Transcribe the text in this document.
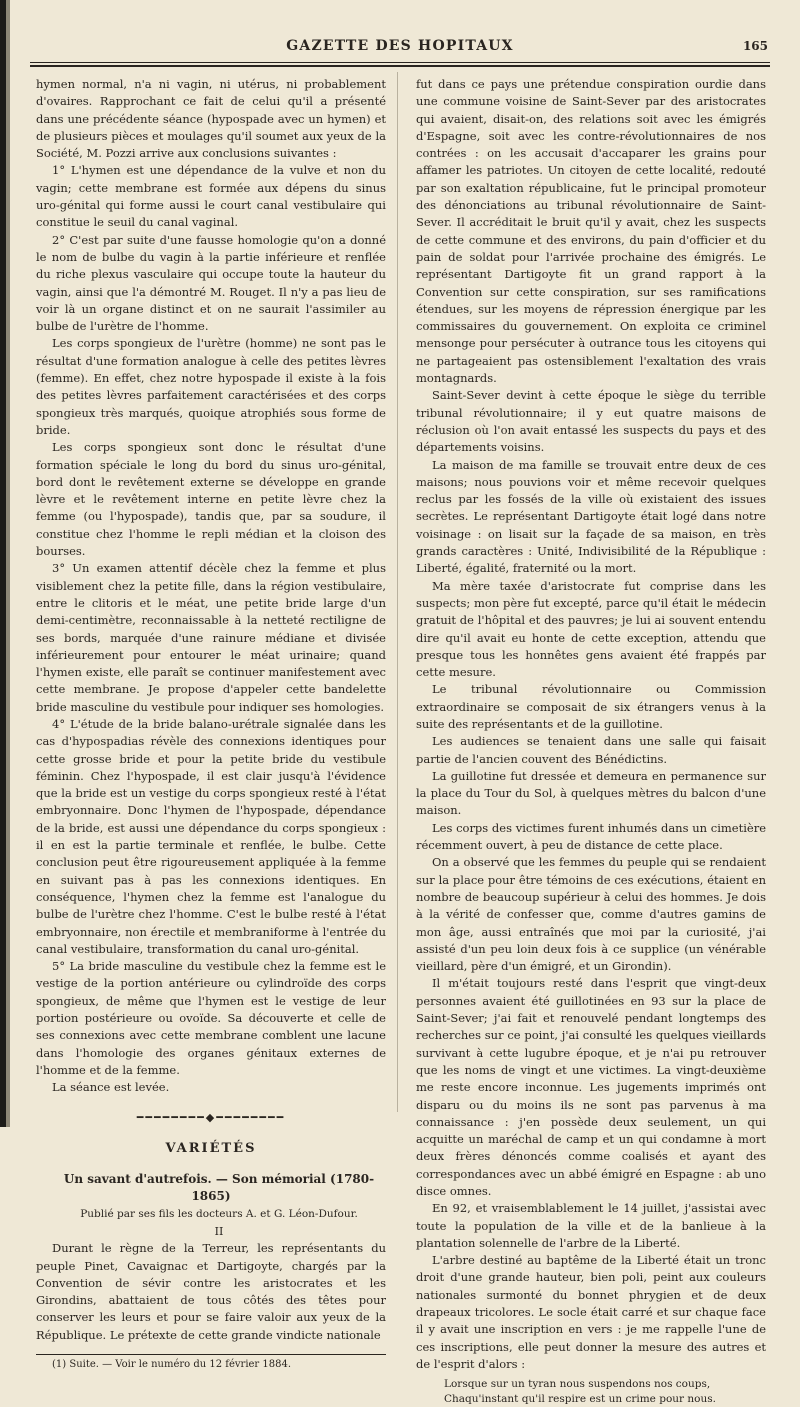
GAZETTE DES HOPITAUX	165

hymen normal, n'a ni vagin, ni utérus, ni probablement d'ovaires. Rapprochant ce fait de celui qu'il a présenté dans une précédente séance (hypospade avec un hymen) et de plusieurs pièces et moulages qu'il soumet aux yeux de la Société, M. Pozzi arrive aux conclusions suivantes :

1° L'hymen est une dépendance de la vulve et non du vagin; cette membrane est formée aux dépens du sinus uro-génital qui forme aussi le court canal vestibulaire qui constitue le seuil du canal vaginal.

2° C'est par suite d'une fausse homologie qu'on a donné le nom de bulbe du vagin à la partie inférieure et renflée du riche plexus vasculaire qui occupe toute la hauteur du vagin, ainsi que l'a démontré M. Rouget. Il n'y a pas lieu de voir là un organe distinct et on ne saurait l'assimiler au bulbe de l'urètre de l'homme.

Les corps spongieux de l'urètre (homme) ne sont pas le résultat d'une formation analogue à celle des petites lèvres (femme). En effet, chez notre hypospade il existe à la fois des petites lèvres parfaitement caractérisées et des corps spongieux très marqués, quoique atrophiés sous forme de bride.

Les corps spongieux sont donc le résultat d'une formation spéciale le long du bord du sinus uro-génital, bord dont le revêtement externe se développe en grande lèvre et le revêtement interne en petite lèvre chez la femme (ou l'hypospade), tandis que, par sa soudure, il constitue chez l'homme le repli médian et la cloison des bourses.

3° Un examen attentif décèle chez la femme et plus visiblement chez la petite fille, dans la région vestibulaire, entre le clitoris et le méat, une petite bride large d'un demi-centimètre, reconnaissable à la netteté rectiligne de ses bords, marquée d'une rainure médiane et divisée inférieurement pour entourer le méat urinaire; quand l'hymen existe, elle paraît se continuer manifestement avec cette membrane. Je propose d'appeler cette bandelette bride masculine du vestibule pour indiquer ses homologies.

4° L'étude de la bride balano-urétrale signalée dans les cas d'hypospadias révèle des connexions identiques pour cette grosse bride et pour la petite bride du vestibule féminin. Chez l'hypospade, il est clair jusqu'à l'évidence que la bride est un vestige du corps spongieux resté à l'état embryonnaire. Donc l'hymen de l'hypospade, dépendance de la bride, est aussi une dépendance du corps spongieux : il en est la partie terminale et renflée, le bulbe. Cette conclusion peut être rigoureusement appliquée à la femme en suivant pas à pas les connexions identiques. En conséquence, l'hymen chez la femme est l'analogue du bulbe de l'urètre chez l'homme. C'est le bulbe resté à l'état embryonnaire, non érectile et membraniforme à l'entrée du canal vestibulaire, transformation du canal uro-génital.

5° La bride masculine du vestibule chez la femme est le vestige de la portion antérieure ou cylindroïde des corps spongieux, de même que l'hymen est le vestige de leur portion postérieure ou ovoïde. Sa découverte et celle de ses connexions avec cette membrane comblent une lacune dans l'homologie des organes génitaux externes de l'homme et de la femme.

La séance est levée.

━━━━━━━━◆━━━━━━━━
VARIÉTÉS

Un savant d'autrefois. — Son mémorial (1780-1865)

Publié par ses fils les docteurs A. et G. Léon-Dufour.

II

Durant le règne de la Terreur, les représentants du peuple Pinet, Cavaignac et Dartigoyte, chargés par la Convention de sévir contre les aristocrates et les Girondins, abattaient de tous côtés des têtes pour conserver les leurs et pour se faire valoir aux yeux de la République. Le prétexte de cette grande vindicte nationale

(1) Suite. — Voir le numéro du 12 février 1884.

fut dans ce pays une prétendue conspiration ourdie dans une commune voisine de Saint-Sever par des aristocrates qui avaient, disait-on, des relations soit avec les émigrés d'Espagne, soit avec les contre-révolutionnaires de nos contrées : on les accusait d'accaparer les grains pour affamer les patriotes. Un citoyen de cette localité, redouté par son exaltation républicaine, fut le principal promoteur des dénonciations au tribunal révolutionnaire de Saint-Sever. Il accréditait le bruit qu'il y avait, chez les suspects de cette commune et des environs, du pain d'officier et du pain de soldat pour l'arrivée prochaine des émigrés. Le représentant Dartigoyte fit un grand rapport à la Convention sur cette conspiration, sur ses ramifications étendues, sur les moyens de répression énergique par les commissaires du gouvernement. On exploita ce criminel mensonge pour persécuter à outrance tous les citoyens qui ne partageaient pas ostensiblement l'exaltation des vrais montagnards.

Saint-Sever devint à cette époque le siège du terrible tribunal révolutionnaire; il y eut quatre maisons de réclusion où l'on avait entassé les suspects du pays et des départements voisins.

La maison de ma famille se trouvait entre deux de ces maisons; nous pouvions voir et même recevoir quelques reclus par les fossés de la ville où existaient des issues secrètes. Le représentant Dartigoyte était logé dans notre voisinage : on lisait sur la façade de sa maison, en très grands caractères : Unité, Indivisibilité de la République : Liberté, égalité, fraternité ou la mort.

Ma mère taxée d'aristocrate fut comprise dans les suspects; mon père fut excepté, parce qu'il était le médecin gratuit de l'hôpital et des pauvres; je lui ai souvent entendu dire qu'il avait eu honte de cette exception, attendu que presque tous les honnêtes gens avaient été frappés par cette mesure.

Le tribunal révolutionnaire ou Commission extraordinaire se composait de six étrangers venus à la suite des représentants et de la guillotine.

Les audiences se tenaient dans une salle qui faisait partie de l'ancien couvent des Bénédictins.

La guillotine fut dressée et demeura en permanence sur la place du Tour du Sol, à quelques mètres du balcon d'une maison.

Les corps des victimes furent inhumés dans un cimetière récemment ouvert, à peu de distance de cette place.

On a observé que les femmes du peuple qui se rendaient sur la place pour être témoins de ces exécutions, étaient en nombre de beaucoup supérieur à celui des hommes. Je dois à la vérité de confesser que, comme d'autres gamins de mon âge, aussi entraînés que moi par la curiosité, j'ai assisté d'un peu loin deux fois à ce supplice (un vénérable vieillard, père d'un émigré, et un Girondin).

Il m'était toujours resté dans l'esprit que vingt-deux personnes avaient été guillotinées en 93 sur la place de Saint-Sever; j'ai fait et renouvelé pendant longtemps des recherches sur ce point, j'ai consulté les quelques vieillards survivant à cette lugubre époque, et je n'ai pu retrouver que les noms de vingt et une victimes. La vingt-deuxième me reste encore inconnue. Les jugements imprimés ont disparu ou du moins ils ne sont pas parvenus à ma connaissance : j'en possède deux seulement, un qui acquitte un maréchal de camp et un qui condamne à mort deux frères dénoncés comme coalisés et ayant des correspondances avec un abbé émigré en Espagne : ab uno disce omnes.

En 92, et vraisemblablement le 14 juillet, j'assistai avec toute la population de la ville et de la banlieue à la plantation solennelle de l'arbre de la Liberté.

L'arbre destiné au baptême de la Liberté était un tronc droit d'une grande hauteur, bien poli, peint aux couleurs nationales surmonté du bonnet phrygien et de deux drapeaux tricolores. Le socle était carré et sur chaque face il y avait une inscription en vers : je me rappelle l'une de ces inscriptions, elle peut donner la mesure des autres et de l'esprit d'alors :

Lorsque sur un tyran nous suspendons nos coups,
Chaqu'instant qu'il respire est un crime pour nous.
